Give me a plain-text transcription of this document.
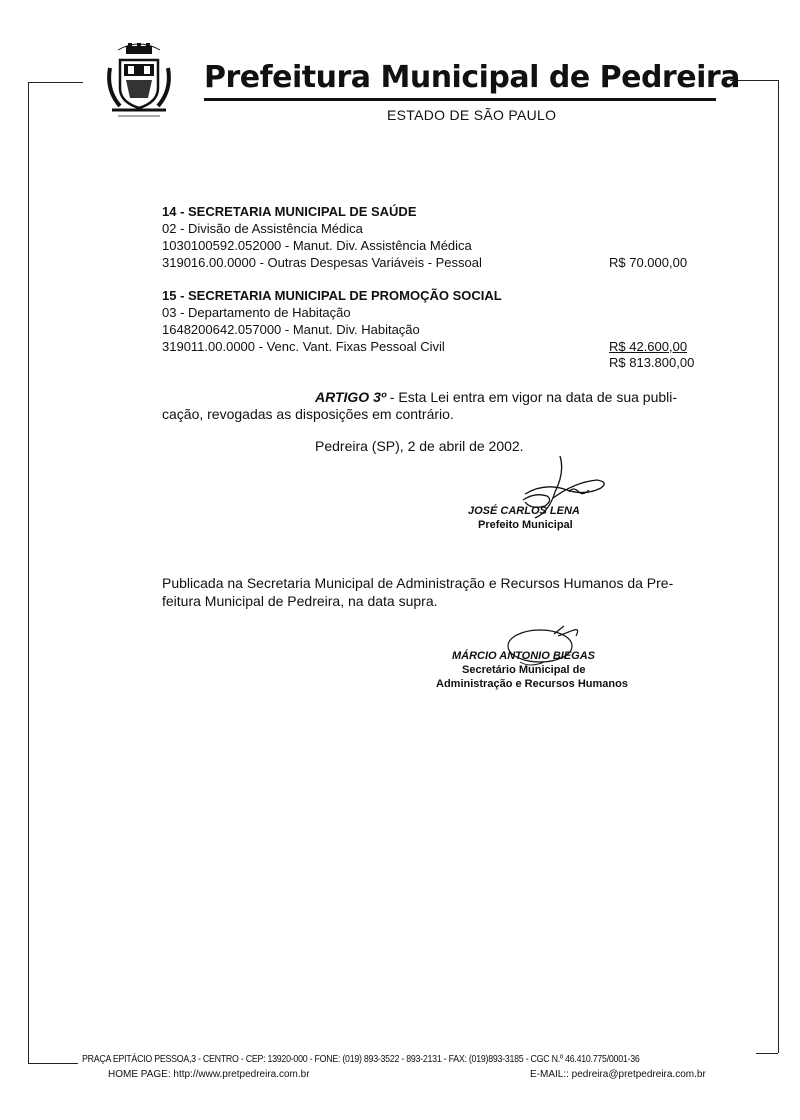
Prefeitura Municipal de Pedreira
ESTADO DE SÃO PAULO
14 - SECRETARIA MUNICIPAL DE SAÚDE
02 - Divisão de Assistência Médica
1030100592.052000 - Manut. Div. Assistência Médica
319016.00.0000 - Outras Despesas Variáveis - Pessoal	R$ 70.000,00
15 - SECRETARIA MUNICIPAL DE PROMOÇÃO SOCIAL
03 - Departamento de Habitação
1648200642.057000 - Manut. Div. Habitação
319011.00.0000 - Venc. Vant. Fixas Pessoal Civil	R$ 42.600,00
R$ 813.800,00
ARTIGO 3º - Esta Lei entra em vigor na data de sua publi-
cação, revogadas as disposições em contrário.
Pedreira (SP), 2 de abril de 2002.
JOSÉ CARLOS LENA
Prefeito Municipal
Publicada na Secretaria Municipal de Administração e Recursos Humanos da Pre-
feitura Municipal de Pedreira, na data supra.
MÁRCIO ANTONIO BIEGAS
Secretário Municipal de
Administração e Recursos Humanos
PRAÇA EPITÁCIO PESSOA,3 - CENTRO - CEP: 13920-000 - FONE: (019) 893-3522 - 893-2131 - FAX: (019)893-3185 - CGC N.º 46.410.775/0001-36
HOME PAGE: http://www.pretpedreira.com.br	E-MAIL:: pedreira@pretpedreira.com.br
